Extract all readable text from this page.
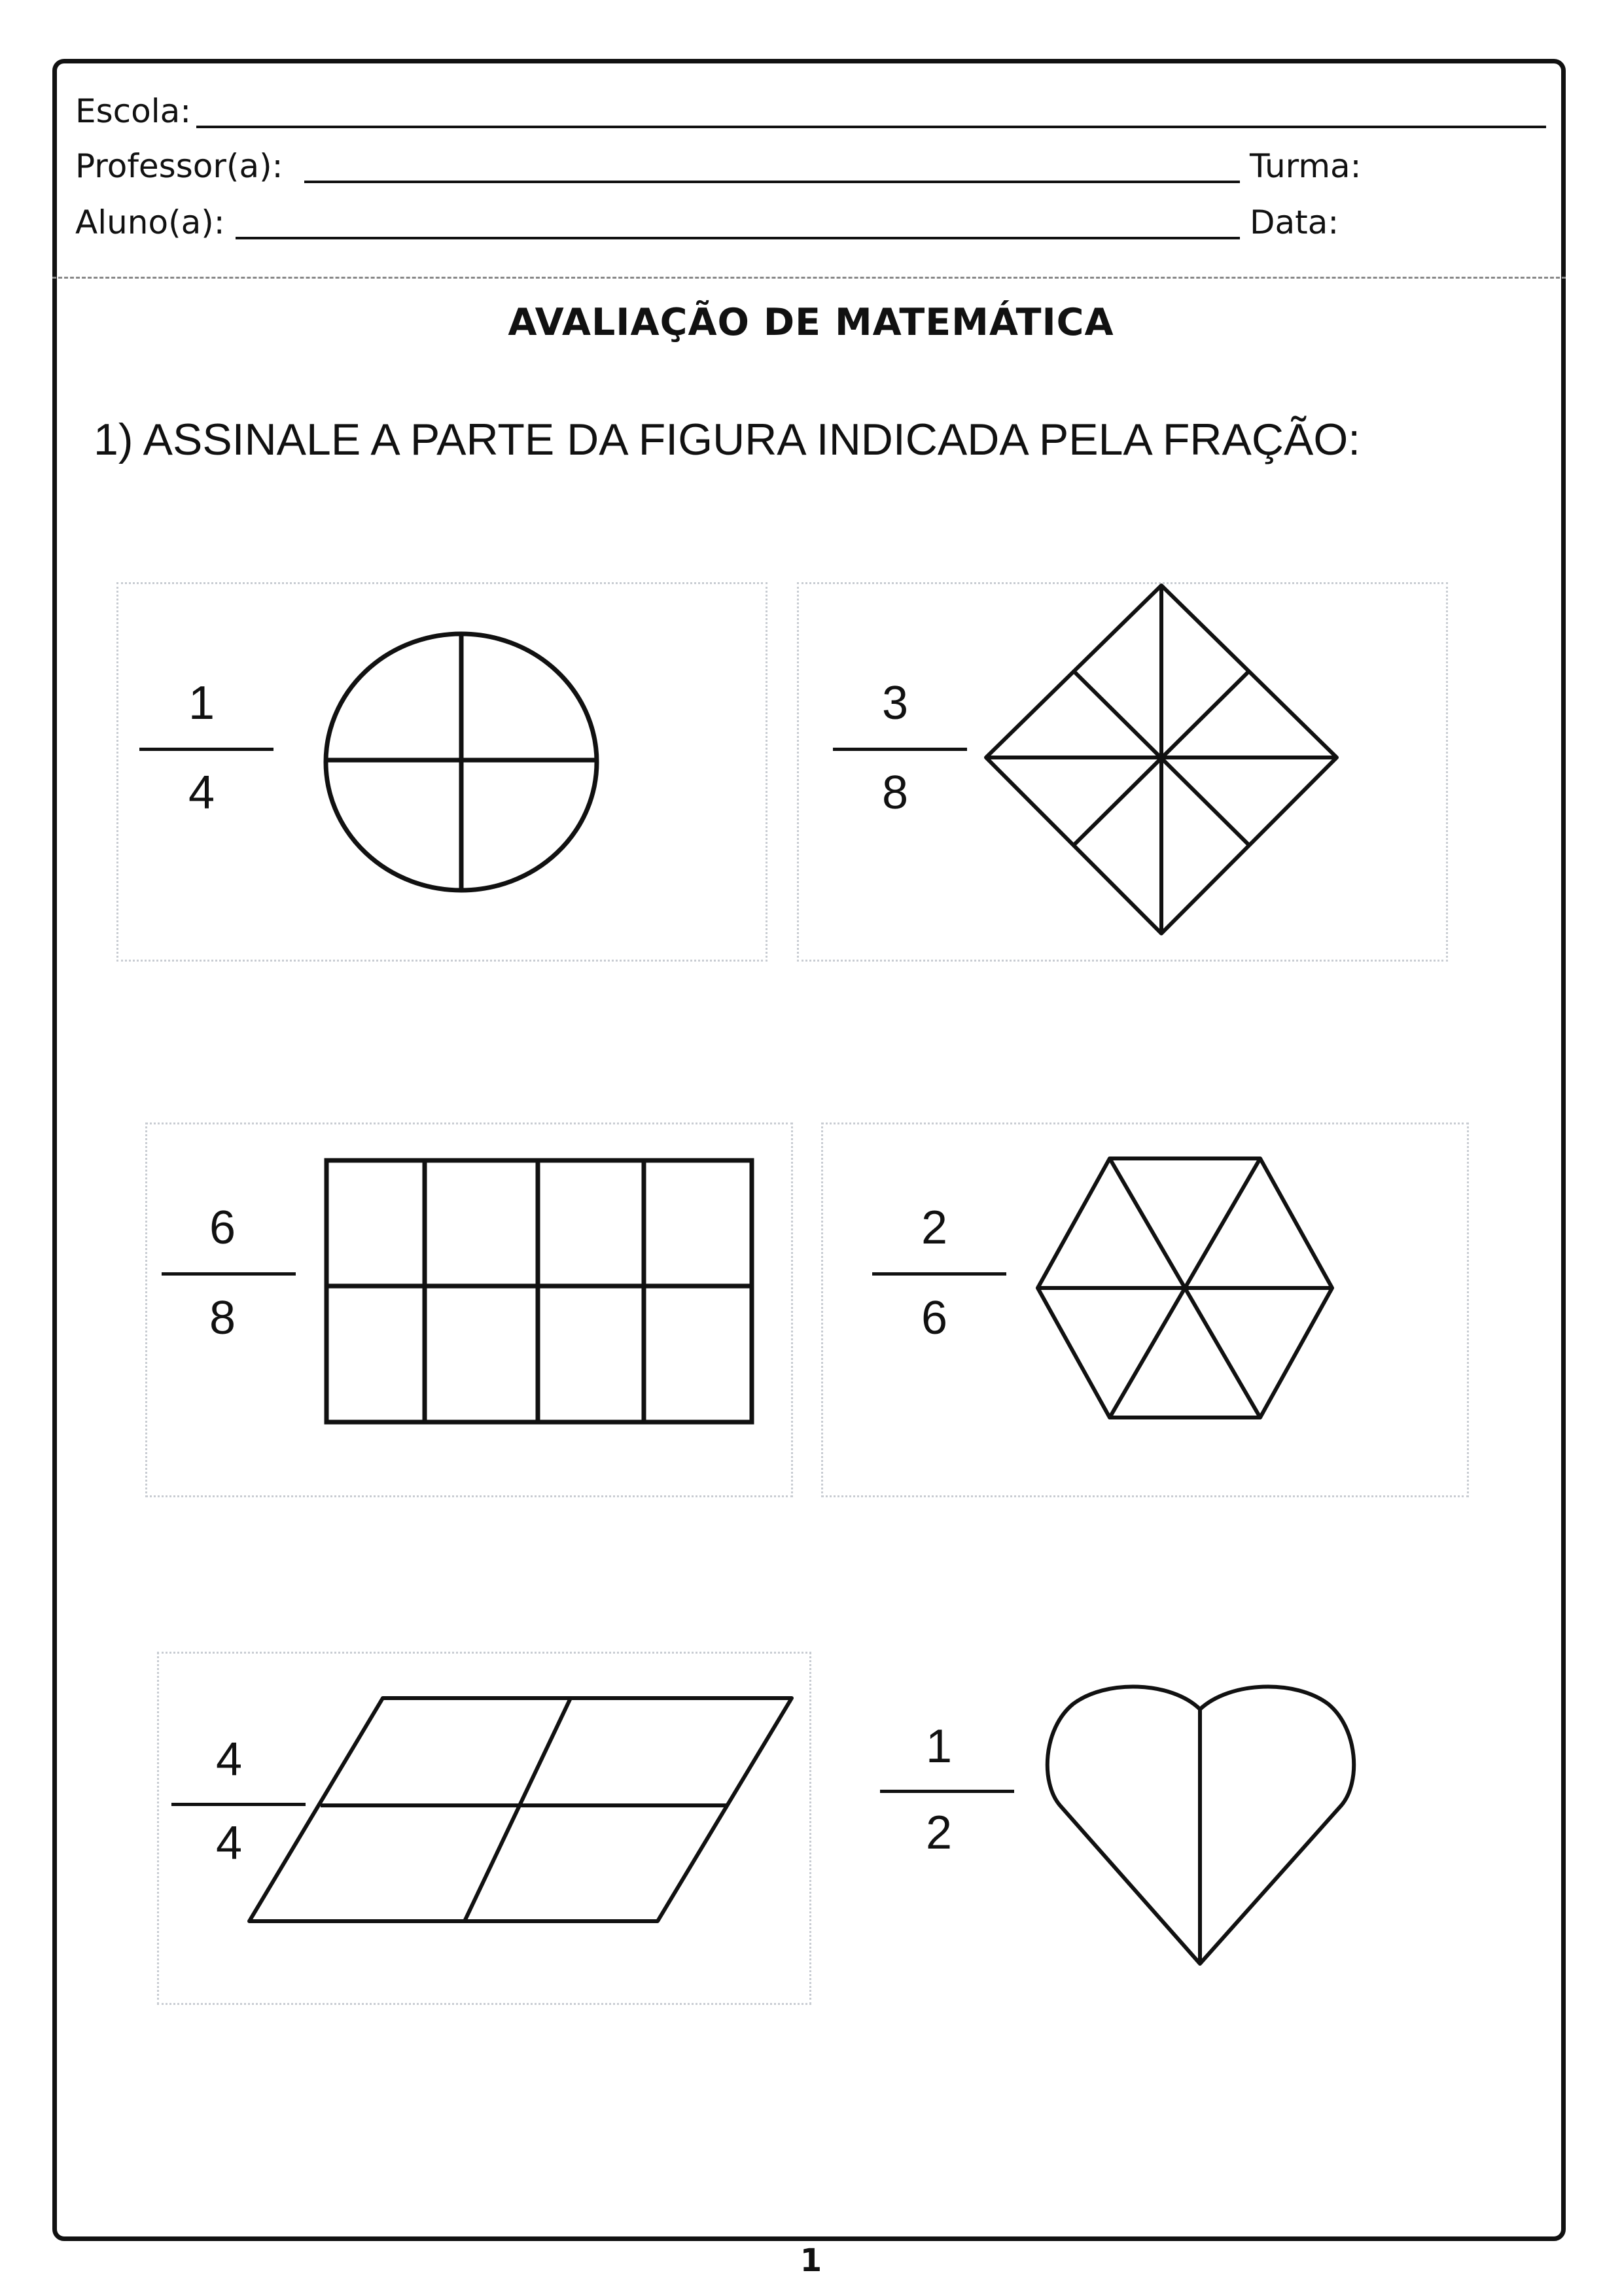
Escola:
Professor(a):	Turma:
Aluno(a):	Data:
AVALIAÇÃO DE MATEMÁTICA
1) ASSINALE A PARTE DA FIGURA INDICADA PELA FRAÇÃO:
1
4
3
8
6
8
2
6
4
4
1
2
1
